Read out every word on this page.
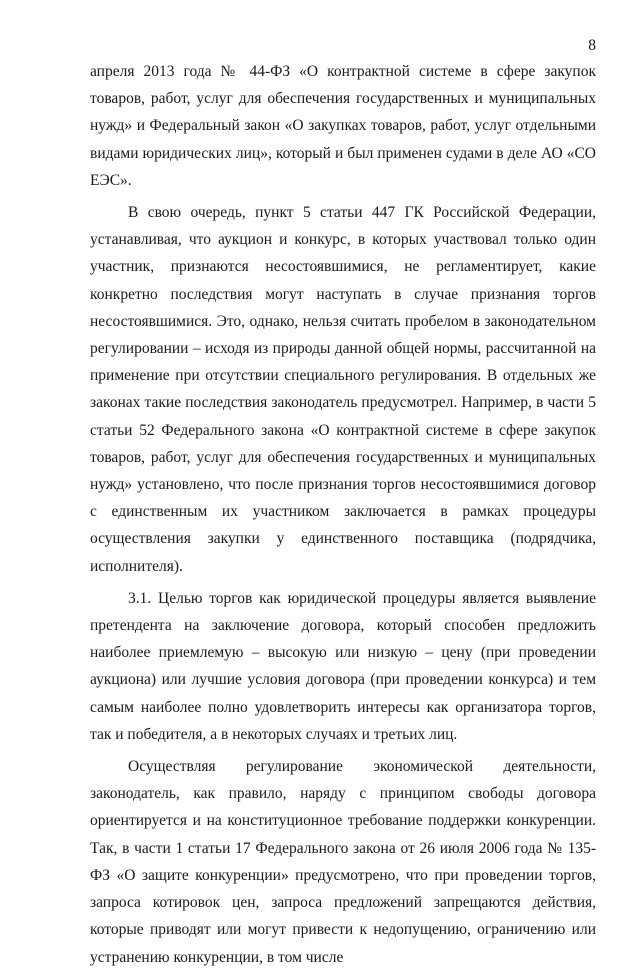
8

апреля 2013 года № 44-ФЗ «О контрактной системе в сфере закупок товаров, работ, услуг для обеспечения государственных и муниципальных нужд» и Федеральный закон «О закупках товаров, работ, услуг отдельными видами юридических лиц», который и был применен судами в деле АО «СО ЕЭС».

В свою очередь, пункт 5 статьи 447 ГК Российской Федерации, устанавливая, что аукцион и конкурс, в которых участвовал только один участник, признаются несостоявшимися, не регламентирует, какие конкретно последствия могут наступать в случае признания торгов несостоявшимися. Это, однако, нельзя считать пробелом в законодательном регулировании – исходя из природы данной общей нормы, рассчитанной на применение при отсутствии специального регулирования. В отдельных же законах такие последствия законодатель предусмотрел. Например, в части 5 статьи 52 Федерального закона «О контрактной системе в сфере закупок товаров, работ, услуг для обеспечения государственных и муниципальных нужд» установлено, что после признания торгов несостоявшимися договор с единственным их участником заключается в рамках процедуры осуществления закупки у единственного поставщика (подрядчика, исполнителя).

3.1. Целью торгов как юридической процедуры является выявление претендента на заключение договора, который способен предложить наиболее приемлемую – высокую или низкую – цену (при проведении аукциона) или лучшие условия договора (при проведении конкурса) и тем самым наиболее полно удовлетворить интересы как организатора торгов, так и победителя, а в некоторых случаях и третьих лиц.

Осуществляя регулирование экономической деятельности, законодатель, как правило, наряду с принципом свободы договора ориентируется и на конституционное требование поддержки конкуренции. Так, в части 1 статьи 17 Федерального закона от 26 июля 2006 года № 135-ФЗ «О защите конкуренции» предусмотрено, что при проведении торгов, запроса котировок цен, запроса предложений запрещаются действия, которые приводят или могут привести к недопущению, ограничению или устранению конкуренции, в том числе
